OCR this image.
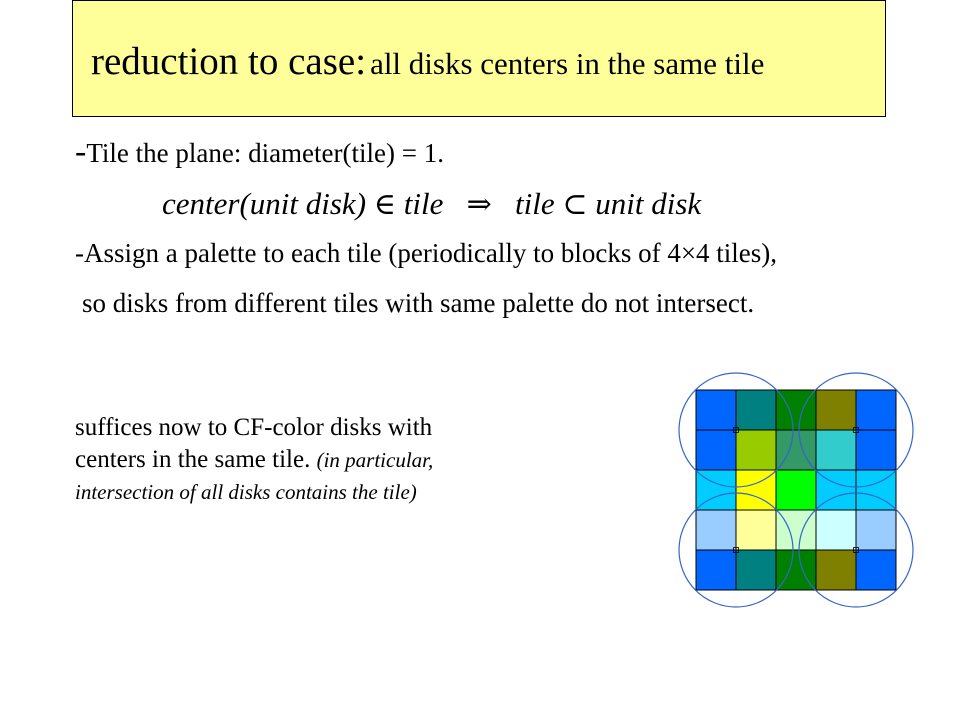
reduction to case: all disks centers in the same tile
-Tile the plane: diameter(tile) = 1.
center(unit disk) ∈ tile ⇒ tile ⊂ unit disk
-Assign a palette to each tile (periodically to blocks of 4×4 tiles),
so disks from different tiles with same palette do not intersect.
suffices now to CF-color disks with
centers in the same tile. (in particular,
intersection of all disks contains the tile)
